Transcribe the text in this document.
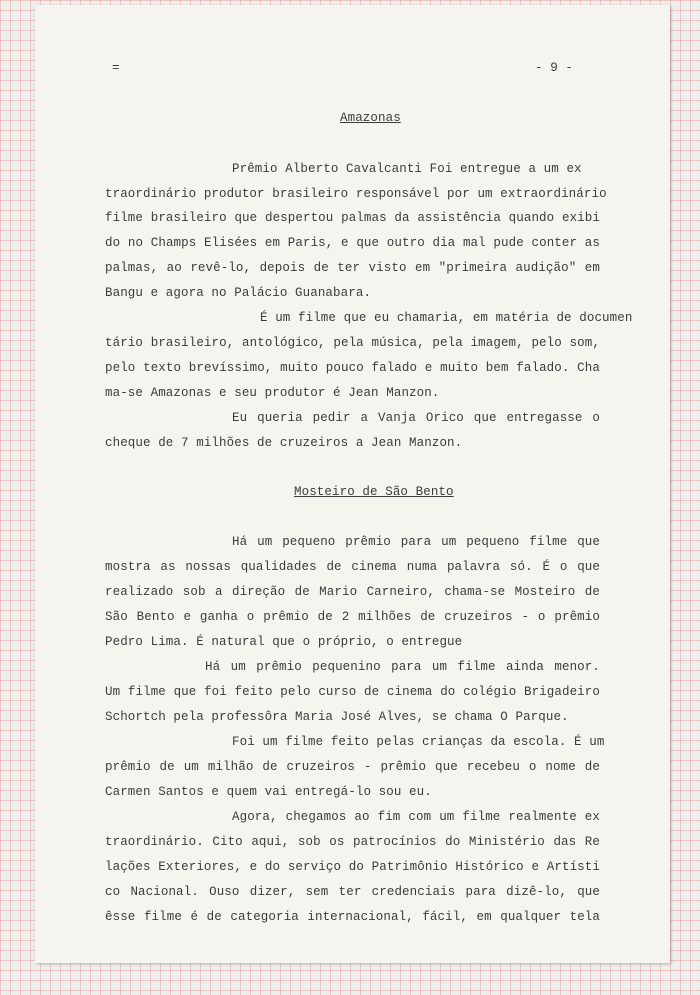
=	- 9 -
Amazonas
Prêmio Alberto Cavalcanti Foi entregue a um ex
traordinário produtor brasileiro responsável por um extraordinário
filme brasileiro que despertou palmas da assistência quando exibi
do no Champs Elisées em Paris, e que outro dia mal pude conter as
palmas, ao revê-lo, depois de ter visto em "primeira audição" em
Bangu e agora no Palácio Guanabara.
É um filme que eu chamaria, em matéria de documen
tário brasileiro, antológico, pela música, pela imagem, pelo som,
pelo texto brevíssimo, muito pouco falado e muito bem falado. Cha
ma-se Amazonas e seu produtor é Jean Manzon.
Eu queria pedir a Vanja Orico que entregasse o
cheque de 7 milhões de cruzeiros a Jean Manzon.
Mosteiro de São Bento
Há um pequeno prêmio para um pequeno filme que
mostra as nossas qualidades de cinema numa palavra só. É o que
realizado sob a direção de Mario Carneiro, chama-se Mosteiro de
São Bento e ganha o prêmio de 2 milhões de cruzeiros - o prêmio
Pedro Lima. É natural que o próprio, o entregue
Há um prêmio pequenino para um filme ainda menor.
Um filme que foi feito pelo curso de cinema do colégio Brigadeiro
Schortch pela professôra Maria José Alves, se chama O Parque.
Foi um filme feito pelas crianças da escola. É um
prêmio de um milhão de cruzeiros - prêmio que recebeu o nome de
Carmen Santos e quem vai entregá-lo sou eu.
Agora, chegamos ao fim com um filme realmente ex
traordinário. Cito aqui, sob os patrocínios do Ministério das Re
lações Exteriores, e do serviço do Patrimônio Histórico e Artísti
co Nacional. Ouso dizer, sem ter credenciais para dizê-lo, que
êsse filme é de categoria internacional, fácil, em qualquer tela
